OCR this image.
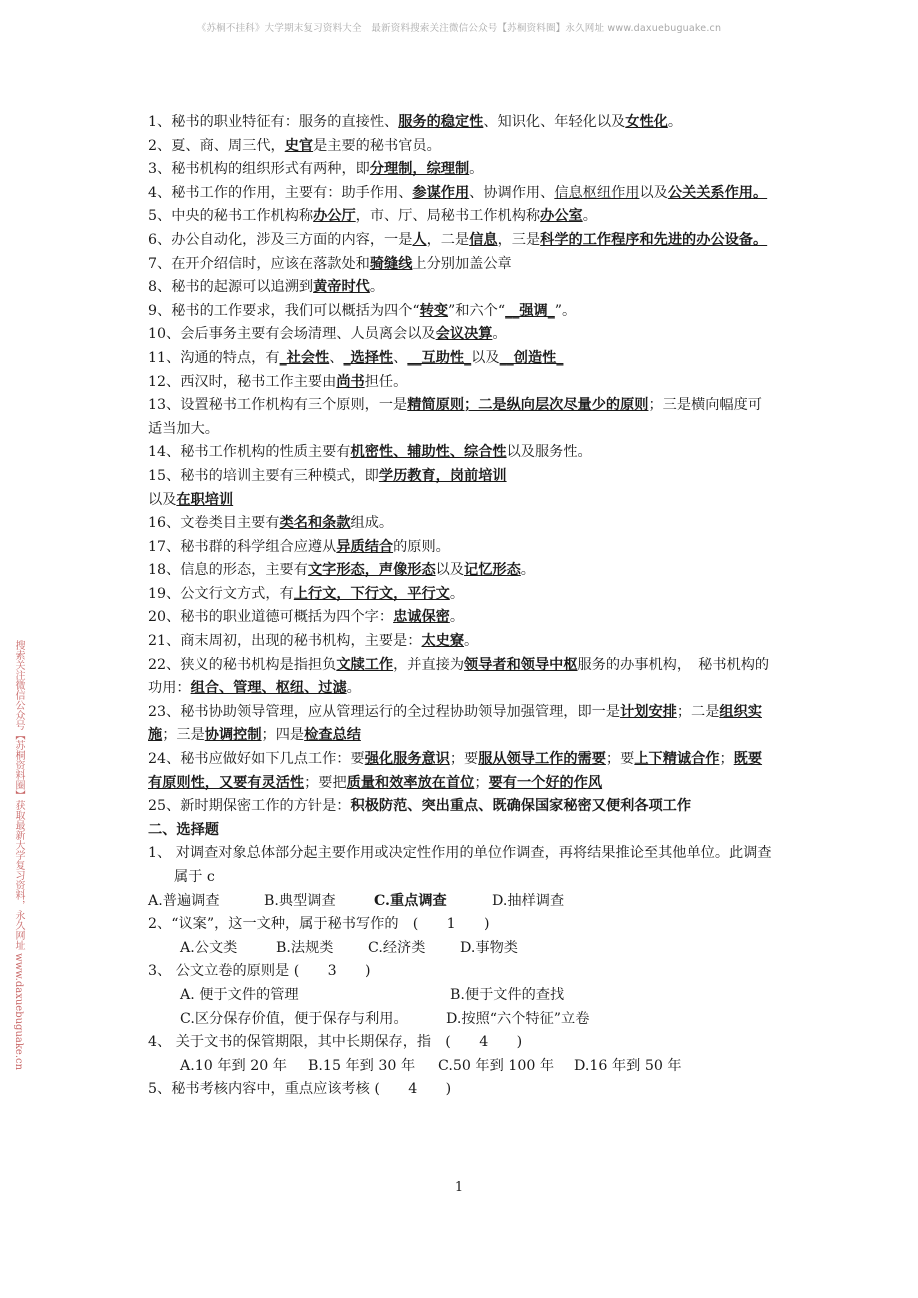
《苏桐不挂科》大学期末复习资料大全　最新资料搜索关注微信公众号【苏桐资料圈】永久网址 www.daxuebuguake.cn
搜索关注微信公众号【苏桐资料圈】获取最新大学复习资料，永久网址 www.daxuebuguake.cn
1、秘书的职业特征有：服务的直接性、服务的稳定性、知识化、年轻化以及女性化。
2、夏、商、周三代，史官是主要的秘书官员。
3、秘书机构的组织形式有两种，即分理制，综理制。
4、秘书工作的作用，主要有：助手作用、参谋作用、协调作用、信息枢纽作用以及公关关系作用。
5、中央的秘书工作机构称办公厅，市、厅、局秘书工作机构称办公室。
6、办公自动化，涉及三方面的内容，一是人，二是信息，三是科学的工作程序和先进的办公设备。
7、在开介绍信时，应该在落款处和骑缝线上分别加盖公章
8、秘书的起源可以追溯到黄帝时代。
9、秘书的工作要求，我们可以概括为四个“转变”和六个“__强调_”。
10、会后事务主要有会场清理、人员离会以及会议决算。
11、沟通的特点，有_社会性、_选择性、__互助性_以及__创造性_
12、西汉时，秘书工作主要由尚书担任。
13、设置秘书工作机构有三个原则，一是精简原则；二是纵向层次尽量少的原则；三是横向幅度可适当加大。
14、秘书工作机构的性质主要有机密性、辅助性、综合性以及服务性。
15、秘书的培训主要有三种模式，即学历教育，岗前培训
以及在职培训
16、文卷类目主要有类名和条款组成。
17、秘书群的科学组合应遵从异质结合的原则。
18、信息的形态，主要有文字形态，声像形态以及记忆形态。
19、公文行文方式，有上行文，下行文，平行文。
20、秘书的职业道德可概括为四个字：忠诚保密。
21、商末周初，出现的秘书机构，主要是：太史寮。
22、狭义的秘书机构是指担负文牍工作，并直接为领导者和领导中枢服务的办事机构，　秘书机构的功用：组合、管理、枢纽、过滤。
23、秘书协助领导管理，应从管理运行的全过程协助领导加强管理，即一是计划安排；二是组织实施；三是协调控制；四是检查总结
24、秘书应做好如下几点工作：要强化服务意识；要服从领导工作的需要；要上下精诚合作；既要有原则性，又要有灵活性；要把质量和效率放在首位；要有一个好的作风
25、新时期保密工作的方针是：积极防范、突出重点、既确保国家秘密又便利各项工作
二、选择题
1、 对调查对象总体部分起主要作用或决定性作用的单位作调查，再将结果推论至其他单位。此调查属于 c
A.普遍调查	B.典型调查	C.重点调查	D.抽样调查
2、“议案”，这一文种，属于秘书写作的　(　　1　　)
A.公文类	B.法规类 C.经济类 D.事物类
3、 公文立卷的原则是 (　　3　　)
A. 便于文件的管理	B.便于文件的查找
C.区分保存价值，便于保存与利用。	D.按照“六个特征”立卷
4、 关于文书的保管期限，其中长期保存，指　(　　4　　)
A.10 年到 20 年 B.15 年到 30 年 C.50 年到 100 年 D.16 年到 50 年
5、秘书考核内容中，重点应该考核 (　　4　　)
1
